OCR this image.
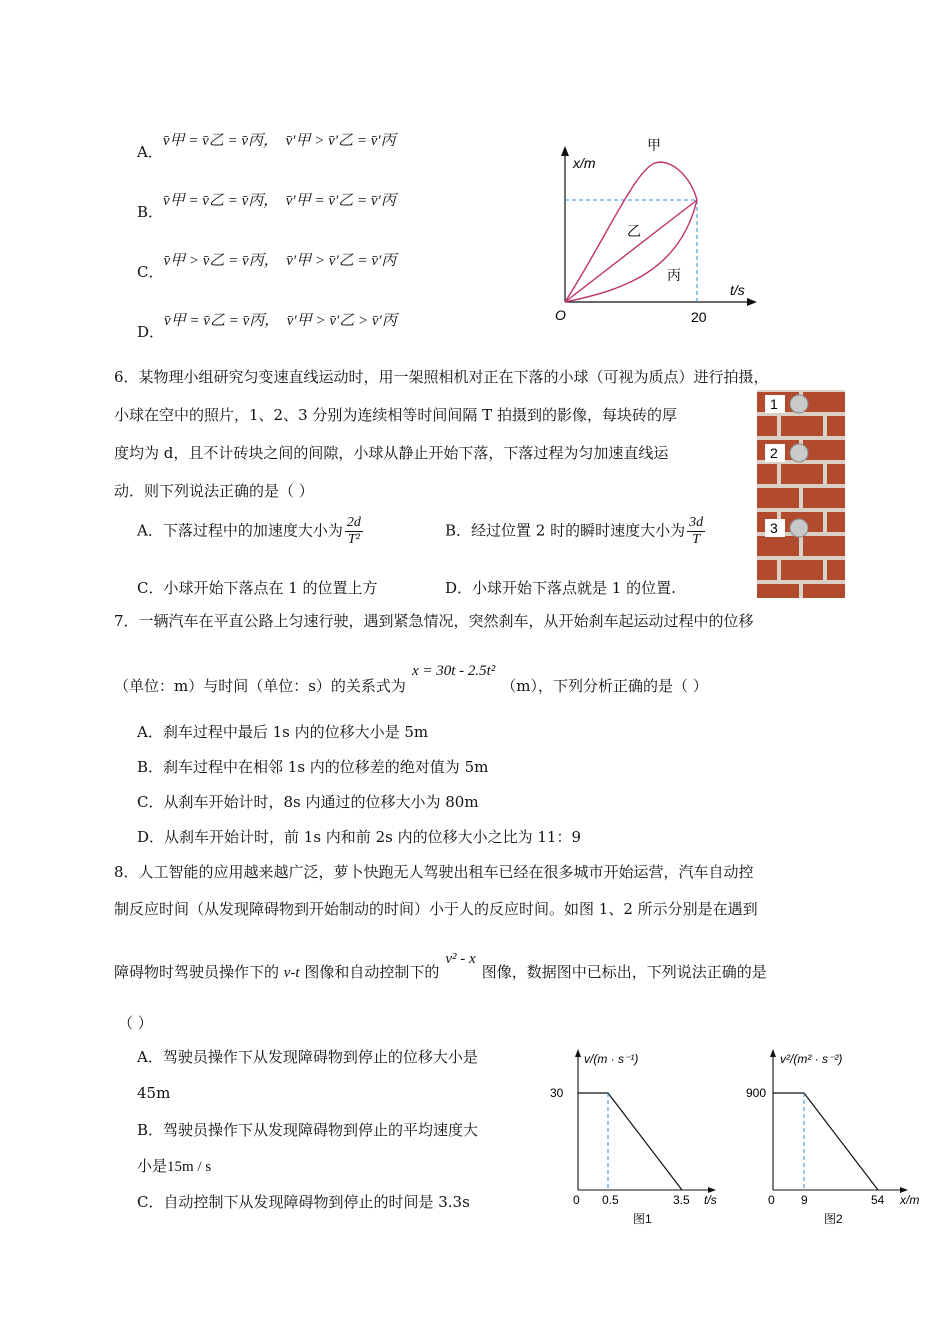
A．v̄甲 = v̄乙 = v̄丙，  v̄′甲 > v̄′乙 = v̄′丙
B．v̄甲 = v̄乙 = v̄丙，  v̄′甲 = v̄′乙 = v̄′丙
C．v̄甲 > v̄乙 = v̄丙，  v̄′甲 > v̄′乙 = v̄′丙
D．v̄甲 = v̄乙 = v̄丙，  v̄′甲 > v̄′乙 > v̄′丙
x/m
t/s
O	20
甲
乙
丙
6．某物理小组研究匀变速直线运动时，用一架照相机对正在下落的小球（可视为质点）进行拍摄，
小球在空中的照片，1、2、3 分别为连续相等时间间隔 T 拍摄到的影像，每块砖的厚
度均为 d，且不计砖块之间的间隙，小球从静止开始下落，下落过程为匀加速直线运
动．则下列说法正确的是（ ）
A．下落过程中的加速度大小为 $\frac{2d}{\text{T²}}$	B．经过位置 2 时的瞬时速度大小为 $\frac{3d}{T}$
C．小球开始下落点在 1 的位置上方	D．小球开始下落点就是 1 的位置.
1
2
3
7．一辆汽车在平直公路上匀速行驶，遇到紧急情况，突然刹车，从开始刹车起运动过程中的位移
（单位：m）与时间（单位：s）的关系式为x = 30t - 2.5t²（m），下列分析正确的是（ ）
A．刹车过程中最后 1s 内的位移大小是 5m
B．刹车过程中在相邻 1s 内的位移差的绝对值为 5m
C．从刹车开始计时，8s 内通过的位移大小为 80m
D．从刹车开始计时，前 1s 内和前 2s 内的位移大小之比为 11：9
8．人工智能的应用越来越广泛，萝卜快跑无人驾驶出租车已经在很多城市开始运营，汽车自动控
制反应时间（从发现障碍物到开始制动的时间）小于人的反应时间。如图 1、2 所示分别是在遇到
障碍物时驾驶员操作下的 v-t 图像和自动控制下的v² - x图像，数据图中已标出，下列说法正确的是
（ ）
A．驾驶员操作下从发现障碍物到停止的位移大小是
45m
B．驾驶员操作下从发现障碍物到停止的平均速度大
小是15m / s
C．自动控制下从发现障碍物到停止的时间是 3.3s
v/(m · s⁻¹)
30
0 0.5	3.5 t/s
图1
v²/(m² · s⁻²)
900
0 9	54 x/m
图2
